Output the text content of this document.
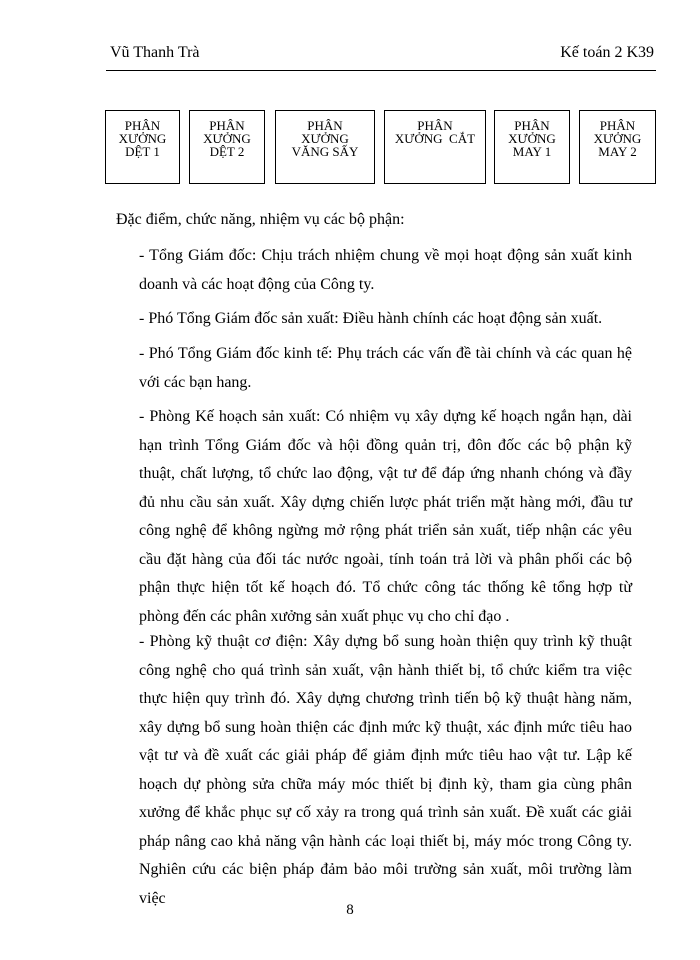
Vũ Thanh Trà	Kế toán 2 K39
PHÂN
XƯỞNG
DỆT 1
PHÂN
XƯỞNG
DỆT 2
PHÂN
XƯỞNG
VĂNG SẤY
PHÂN
XƯỞNG  CẮT
PHÂN
XƯỞNG
MAY 1
PHÂN
XƯỞNG
MAY 2
Đặc điểm, chức năng, nhiệm vụ các bộ phận:
- Tổng Giám đốc: Chịu trách nhiệm chung về mọi hoạt động sản xuất kinh doanh và các hoạt động của Công ty.
- Phó Tổng Giám đốc sản xuất: Điều hành chính các hoạt động sản xuất.
- Phó Tổng Giám đốc kinh tế: Phụ trách các vấn đề tài chính và các quan hệ với các bạn hang.
- Phòng Kế hoạch sản xuất: Có nhiệm vụ xây dựng kế hoạch ngắn hạn, dài hạn trình Tổng Giám đốc và hội đồng quản trị, đôn đốc các bộ phận kỹ thuật, chất lượng, tổ chức lao động, vật tư để đáp ứng nhanh chóng và đầy đủ nhu cầu sản xuất. Xây dựng chiến lược phát triển mặt hàng mới, đầu tư công nghệ để không ngừng mở rộng phát triển sản xuất, tiếp nhận các yêu cầu đặt hàng của đối tác nước ngoài, tính toán trả lời và phân phối các bộ phận thực hiện tốt kế hoạch đó. Tổ chức công tác thống kê tổng hợp từ phòng đến các phân xưởng sản xuất phục vụ cho chỉ đạo .
- Phòng kỹ thuật cơ điện: Xây dựng bổ sung hoàn thiện quy trình kỹ thuật công nghệ cho quá trình sản xuất, vận hành thiết bị, tổ chức kiểm tra việc thực hiện quy trình đó. Xây dựng chương trình tiến bộ kỹ thuật hàng năm, xây dựng bổ sung hoàn thiện các định mức kỹ thuật, xác định mức tiêu hao vật tư và đề xuất các giải pháp để giảm định mức tiêu hao vật tư. Lập kế hoạch dự phòng sửa chữa máy móc thiết bị định kỳ, tham gia cùng phân xưởng để khắc phục sự cố xảy ra trong quá trình sản xuất. Đề xuất các giải pháp nâng cao khả năng vận hành các loại thiết bị, máy móc trong Công ty. Nghiên cứu các biện pháp đảm bảo môi trường sản xuất, môi trường làm việc
8
